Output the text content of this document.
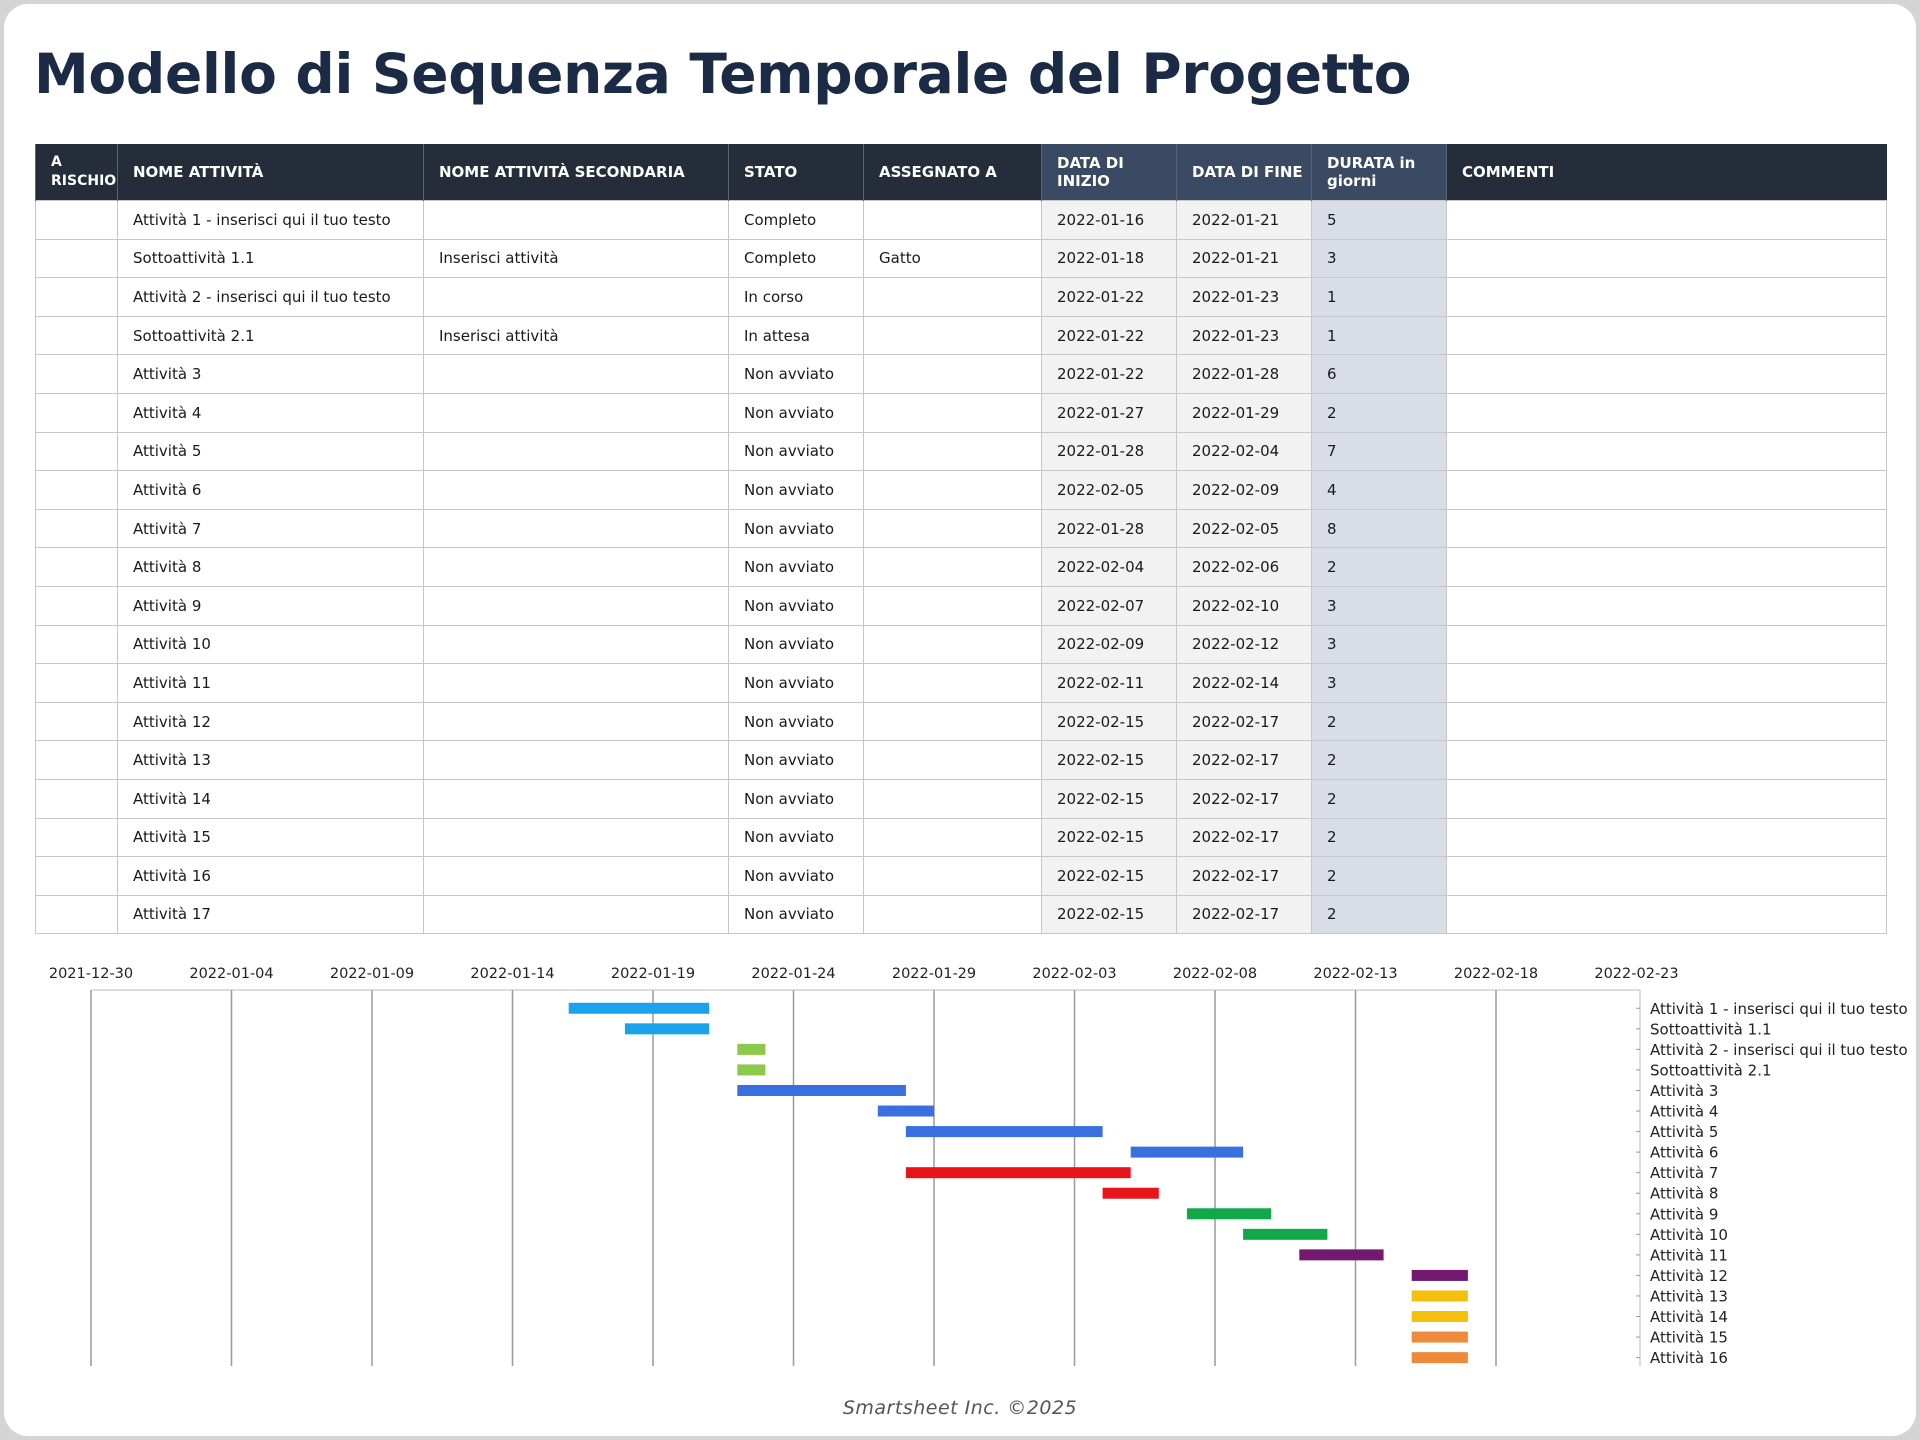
Modello di Sequenza Temporale del Progetto
A RISCHIO	NOME ATTIVITÀ	NOME ATTIVITÀ SECONDARIA	STATO	ASSEGNATO A	DATA DI INIZIO	DATA DI FINE	DURATA in giorni	COMMENTI
	Attività 1 - inserisci qui il tuo testo		Completo		2022-01-16	2022-01-21	5	
	Sottoattività 1.1	Inserisci attività	Completo	Gatto	2022-01-18	2022-01-21	3	
	Attività 2 - inserisci qui il tuo testo		In corso		2022-01-22	2022-01-23	1	
	Sottoattività 2.1	Inserisci attività	In attesa		2022-01-22	2022-01-23	1	
	Attività 3		Non avviato		2022-01-22	2022-01-28	6	
	Attività 4		Non avviato		2022-01-27	2022-01-29	2	
	Attività 5		Non avviato		2022-01-28	2022-02-04	7	
	Attività 6		Non avviato		2022-02-05	2022-02-09	4	
	Attività 7		Non avviato		2022-01-28	2022-02-05	8	
	Attività 8		Non avviato		2022-02-04	2022-02-06	2	
	Attività 9		Non avviato		2022-02-07	2022-02-10	3	
	Attività 10		Non avviato		2022-02-09	2022-02-12	3	
	Attività 11		Non avviato		2022-02-11	2022-02-14	3	
	Attività 12		Non avviato		2022-02-15	2022-02-17	2	
	Attività 13		Non avviato		2022-02-15	2022-02-17	2	
	Attività 14		Non avviato		2022-02-15	2022-02-17	2	
	Attività 15		Non avviato		2022-02-15	2022-02-17	2	
	Attività 16		Non avviato		2022-02-15	2022-02-17	2	
	Attività 17		Non avviato		2022-02-15	2022-02-17	2	
2021-12-30	2022-01-04	2022-01-09	2022-01-14	2022-01-19	2022-01-24	2022-01-29	2022-02-03	2022-02-08	2022-02-13	2022-02-18	2022-02-23
Attività 1 - inserisci qui il tuo testo
Sottoattività 1.1
Attività 2 - inserisci qui il tuo testo
Sottoattività 2.1
Attività 3
Attività 4
Attività 5
Attività 6
Attività 7
Attività 8
Attività 9
Attività 10
Attività 11
Attività 12
Attività 13
Attività 14
Attività 15
Attività 16
Smartsheet Inc. ©2025
